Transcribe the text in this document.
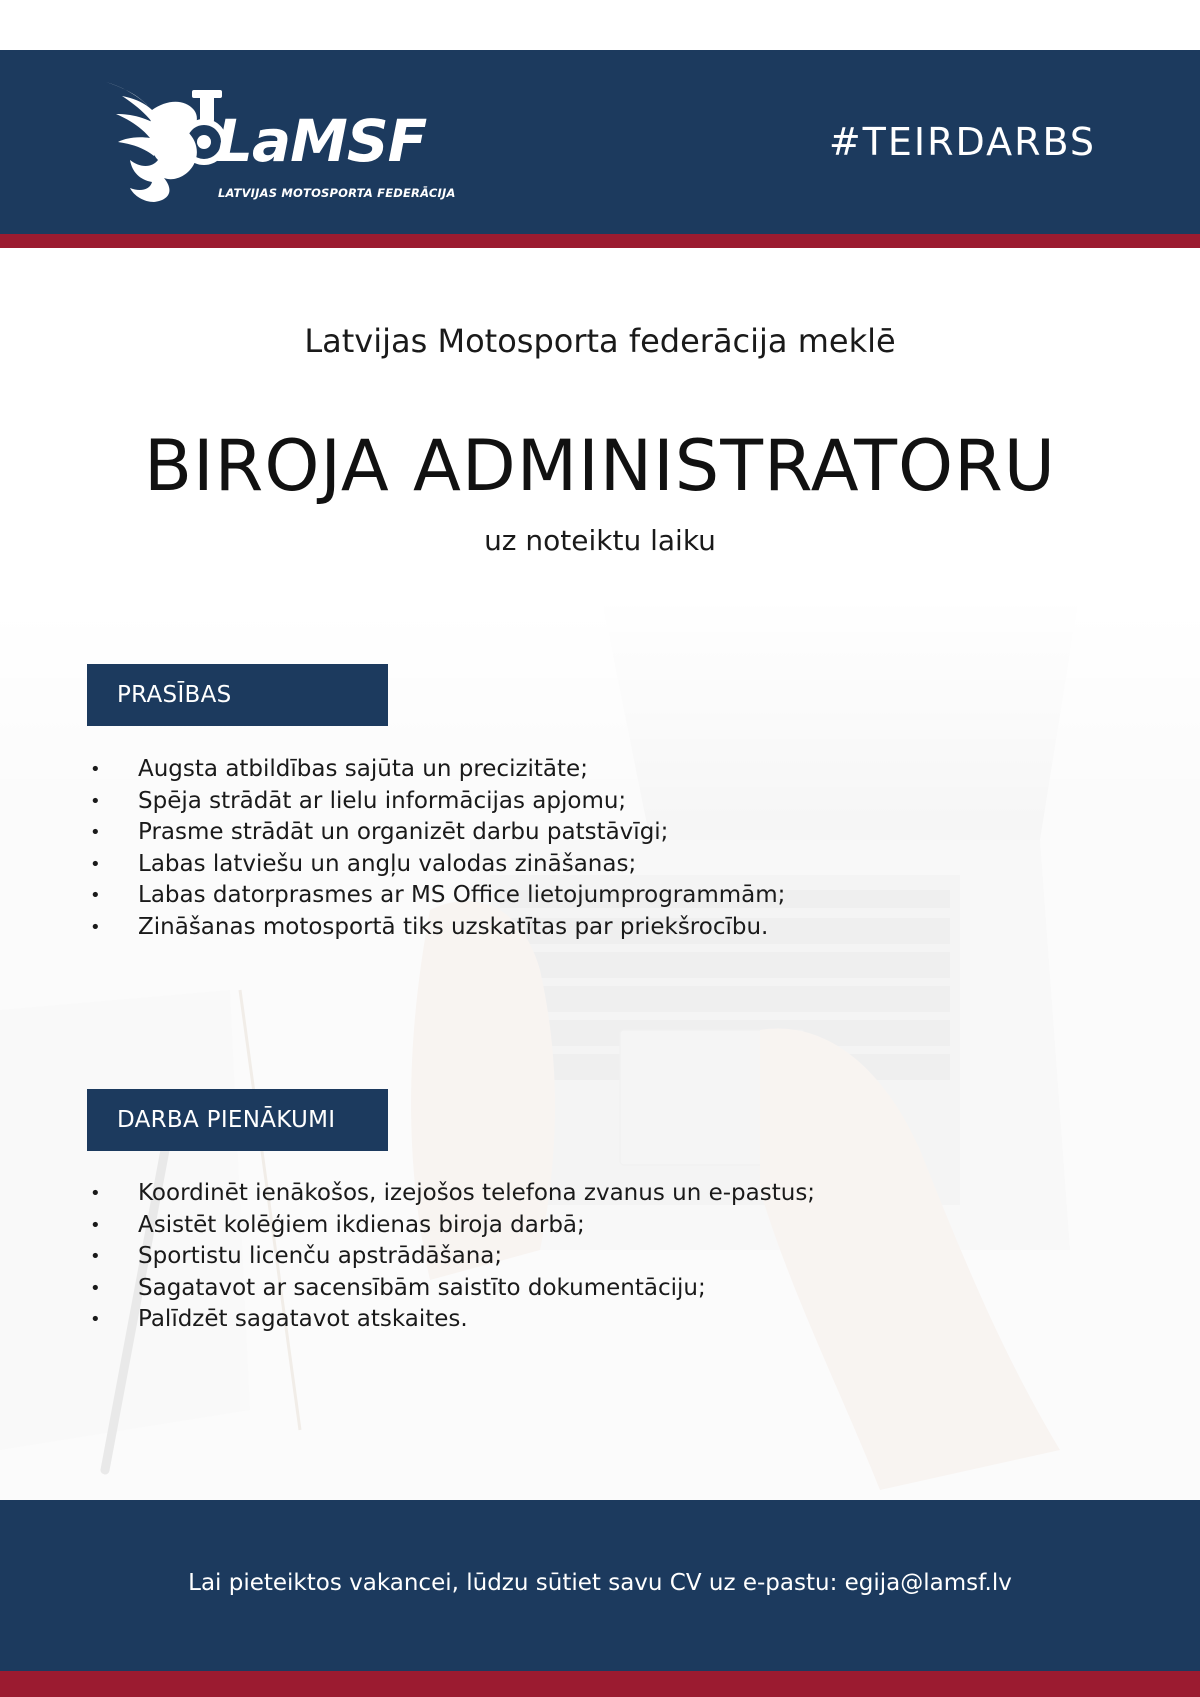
LaMSF
LATVIJAS MOTOSPORTA FEDERĀCIJA
#TEIRDARBS
Latvijas Motosporta federācija meklē
BIROJA ADMINISTRATORU
uz noteiktu laiku
PRASĪBAS
• Augsta atbildības sajūta un precizitāte;
• Spēja strādāt ar lielu informācijas apjomu;
• Prasme strādāt un organizēt darbu patstāvīgi;
• Labas latviešu un angļu valodas zināšanas;
• Labas datorprasmes ar MS Office lietojumprogrammām;
• Zināšanas motosportā tiks uzskatītas par priekšrocību.
DARBA PIENĀKUMI
• Koordinēt ienākošos, izejošos telefona zvanus un e-pastus;
• Asistēt kolēģiem ikdienas biroja darbā;
• Sportistu licenču apstrādāšana;
• Sagatavot ar sacensībām saistīto dokumentāciju;
• Palīdzēt sagatavot atskaites.
Lai pieteiktos vakancei, lūdzu sūtiet savu CV uz e-pastu: egija@lamsf.lv
